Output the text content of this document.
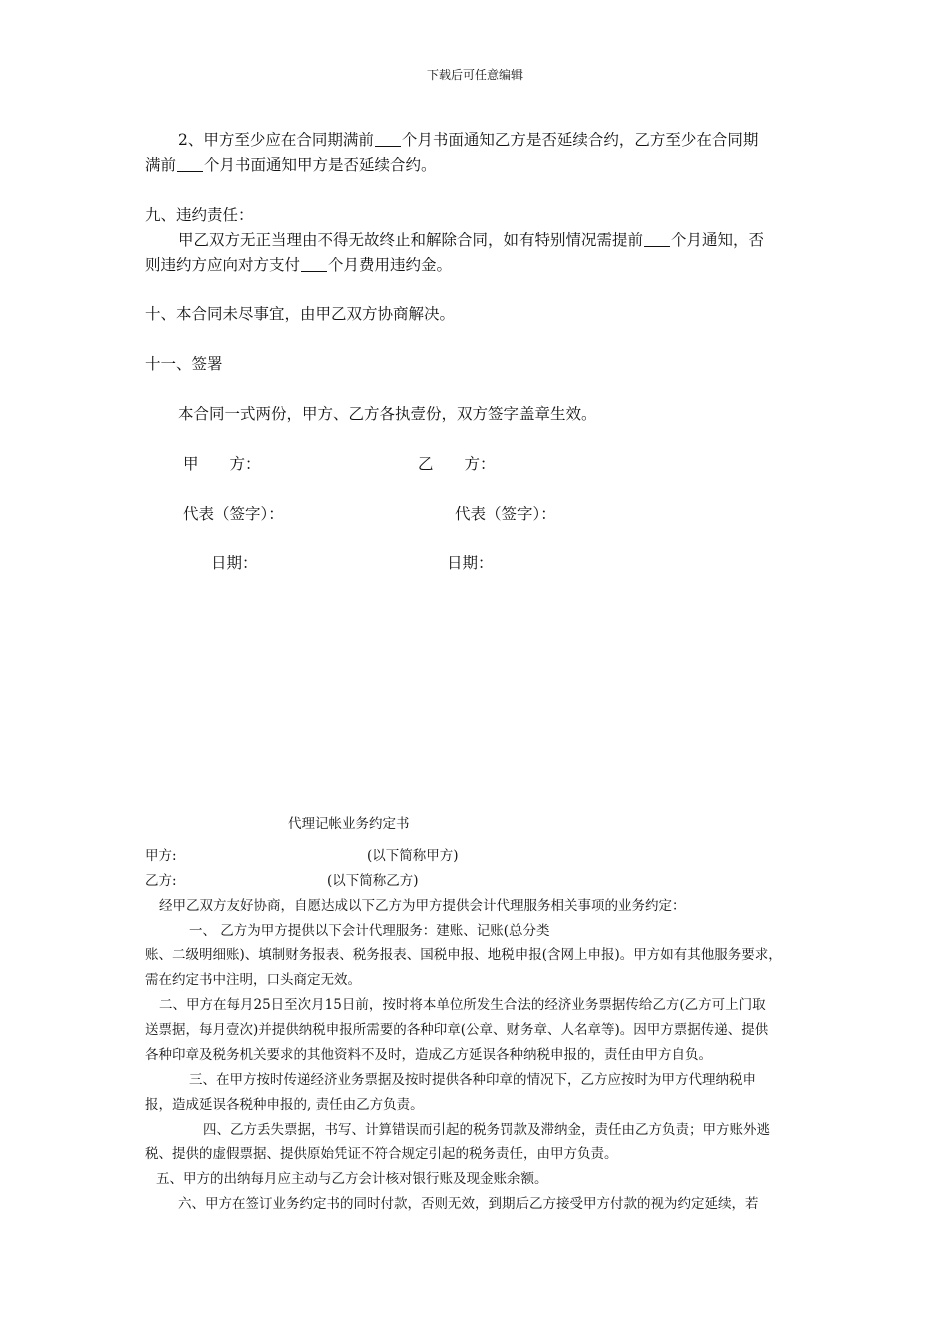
下载后可任意编辑
2、甲方至少应在合同期满前 个月书面通知乙方是否延续合约，乙方至少在合同期
满前 个月书面通知甲方是否延续合约。
九、违约责任：
甲乙双方无正当理由不得无故终止和解除合同，如有特别情况需提前 个月通知，否
则违约方应向对方支付 个月费用违约金。
十、本合同未尽事宜，由甲乙双方协商解决。
十一、签署
本合同一式两份，甲方、乙方各执壹份，双方签字盖章生效。
甲　　方：	乙　　方：
代表（签字）：	代表（签字）：
日期：	日期：
代理记帐业务约定书
甲方:	(以下简称甲方)
乙方:	(以下简称乙方)
经甲乙双方友好协商，自愿达成以下乙方为甲方提供会计代理服务相关事项的业务约定：
一、 乙方为甲方提供以下会计代理服务：建账、记账(总分类
账、二级明细账)、填制财务报表、税务报表、国税申报、地税申报(含网上申报)。甲方如有其他服务要求，
需在约定书中注明，口头商定无效。
二、甲方在每月25日至次月15日前，按时将本单位所发生合法的经济业务票据传给乙方(乙方可上门取
送票据，每月壹次)并提供纳税申报所需要的各种印章(公章、财务章、人名章等)。因甲方票据传递、提供
各种印章及税务机关要求的其他资料不及时，造成乙方延误各种纳税申报的，责任由甲方自负。
三、在甲方按时传递经济业务票据及按时提供各种印章的情况下，乙方应按时为甲方代理纳税申
报，造成延误各税种申报的, 责任由乙方负责。
四、乙方丢失票据，书写、计算错误而引起的税务罚款及滞纳金，责任由乙方负责；甲方账外逃
税、提供的虚假票据、提供原始凭证不符合规定引起的税务责任，由甲方负责。
五、甲方的出纳每月应主动与乙方会计核对银行账及现金账余额。
六、甲方在签订业务约定书的同时付款，否则无效，到期后乙方接受甲方付款的视为约定延续，若
